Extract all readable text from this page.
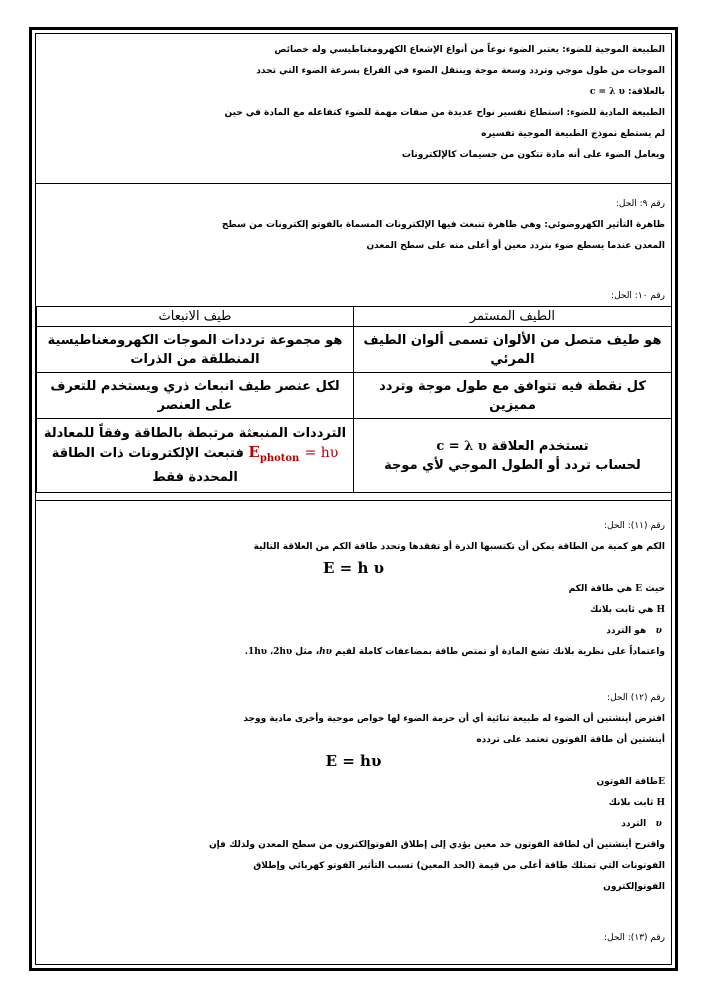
الطبيعة الموجية للضوء: يعتبر الضوء نوعاً من أنواع الإشعاع الكهرومغناطيسي وله خصائص
الموجات من طول موجي وتردد وسعة موجة وينتقل الضوء في الفراغ بسرعة الضوء التي تحدد
بالعلاقة: c = λ υ
الطبيعة المادية للضوء: استطاع تفسير نواح عديدة من صفات مهمة للضوء كتفاعله مع المادة في حين
لم يستطع نموذج الطبيعة الموجية تفسيره
ويعامل الضوء على أنه مادة تتكون من جسيمات كالإلكترونات
رقم ٩: الحل:
ظاهرة التأثير الكهروضوئي: وهي ظاهرة تنبعث فيها الإلكترونات المسماة بالفوتو إلكترونات من سطح
المعدن عندما يسطع ضوء بتردد معين أو أعلى منه على سطح المعدن
رقم ١٠: الحل:
الطيف المستمر	طيف الانبعاث
هو طيف متصل من الألوان تسمى ألوان الطيف المرئي	هو مجموعة ترددات الموجات الكهرومغناطيسية المنطلقة من الذرات
كل نقطة فيه تتوافق مع طول موجة وتردد مميزين	لكل عنصر طيف انبعاث ذري ويستخدم للتعرف على العنصر
تستخدم العلاقة c = λ υ
لحساب تردد أو الطول الموجي لأي موجة	الترددات المنبعثة مرتبطة بالطاقة وفقاً للمعادلة
$E_{photon} = h\upsilon$ فتبعث الإلكترونات ذات الطاقة
المحددة فقط
رقم (١١): الحل:
الكم هو كمية من الطاقة يمكن أن تكتسبها الذرة أو تفقدها وتحدد طاقة الكم من العلاقة التالية
E = h υ
حيث E هي طاقة الكم
H هي ثابت بلانك
υ   هو التردد
واعتماداً على نظرية بلانك تشع المادة أو تمتص طاقة بمضاعفات كاملة لقيم hυ، مثل 1hυ ،2hυ.
رقم (١٢) الحل:
افترض أينشتين أن الضوء له طبيعة ثنائية أي أن حزمة الضوء لها خواص موجية وأخرى مادية ووجد
أينشتين أن طاقة الفوتون تعتمد على تردده
E = hυ
Eطاقة الفوتون
H ثابت بلانك
υ   التردد
واقترح أينشتين أن لطاقة الفوتون حد معين يؤدي إلى إطلاق الفوتوإلكترون من سطح المعدن ولذلك فإن
الفوتونات التي تمتلك طاقة أعلى من قيمة (الحد المعين) تسبب التأثير الفوتو كهربائي وإطلاق
الفوتوإلكترون
رقم (١٣): الحل:
